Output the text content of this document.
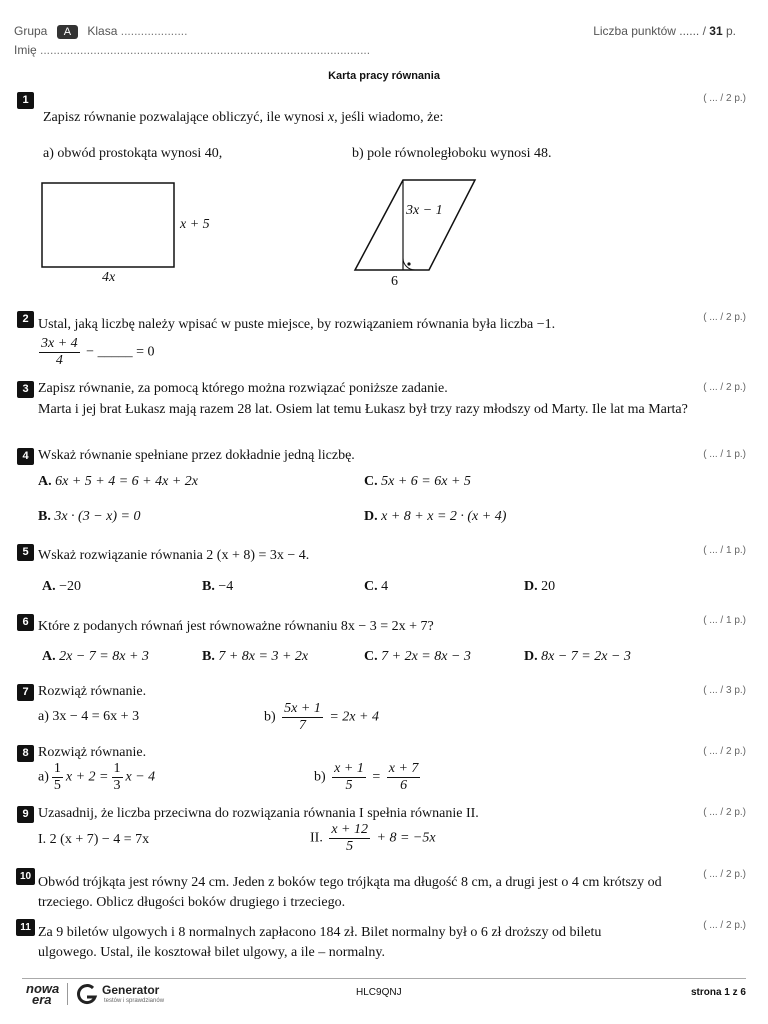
Grupa A Klasa ....................	Liczba punktów ...... / 31 p.
Imię ...................................................................................................
Karta pracy równania
1	( ... / 2 p.)
Zapisz równanie pozwalające obliczyć, ile wynosi x, jeśli wiadomo, że:
a) obwód prostokąta wynosi 40,	b) pole równoległoboku wynosi 48.
x + 5
4x
3x − 1
6
2	( ... / 2 p.)
Ustal, jaką liczbę należy wpisać w puste miejsce, by rozwiązaniem równania była liczba −1.
$\frac{3x + 4}{4}$ − _____ = 0
3	( ... / 2 p.)
Zapisz równanie, za pomocą którego można rozwiązać poniższe zadanie.
Marta i jej brat Łukasz mają razem 28 lat. Osiem lat temu Łukasz był trzy razy młodszy od Marty. Ile lat ma Marta?
4	( ... / 1 p.)
Wskaż równanie spełniane przez dokładnie jedną liczbę.
A. 6x + 5 + 4 = 6 + 4x + 2x	C. 5x + 6 = 6x + 5
B. 3x · (3 − x) = 0	D. x + 8 + x = 2 · (x + 4)
5	( ... / 1 p.)
Wskaż rozwiązanie równania 2 (x + 8) = 3x − 4.
A. −20	B. −4	C. 4	D. 20
6	( ... / 1 p.)
Które z podanych równań jest równoważne równaniu 8x − 3 = 2x + 7?
A. 2x − 7 = 8x + 3	B. 7 + 8x = 3 + 2x	C. 7 + 2x = 8x − 3	D. 8x − 7 = 2x − 3
7	( ... / 3 p.)
Rozwiąż równanie.
a) 3x − 4 = 6x + 3	$b) \frac{5x + 1}{7} = 2x + 4$
8	( ... / 2 p.)
Rozwiąż równanie.
$a) \frac{1}{5}$ $x + 2 = \frac{1}{3}$ x − 4	$b) \frac{x + 1}{5} = \frac{x + 7}{6}$
9	( ... / 2 p.)
Uzasadnij, że liczba przeciwna do rozwiązania równania I spełnia równanie II.
I. 2 (x + 7) − 4 = 7x	II. $\frac{x + 12}{5} + 8 = -5x$
10	( ... / 2 p.)
Obwód trójkąta jest równy 24 cm. Jeden z boków tego trójkąta ma długość 8 cm, a drugi jest o 4 cm krótszy od trzeciego. Oblicz długości boków drugiego i trzeciego.
11	( ... / 2 p.)
Za 9 biletów ulgowych i 8 normalnych zapłacono 184 zł. Bilet normalny był o 6 zł droższy od biletu ulgowego. Ustal, ile kosztował bilet ulgowy, a ile – normalny.
nowa
era
Generator
testów i sprawdzianów
HLC9QNJ	strona 1 z 6
